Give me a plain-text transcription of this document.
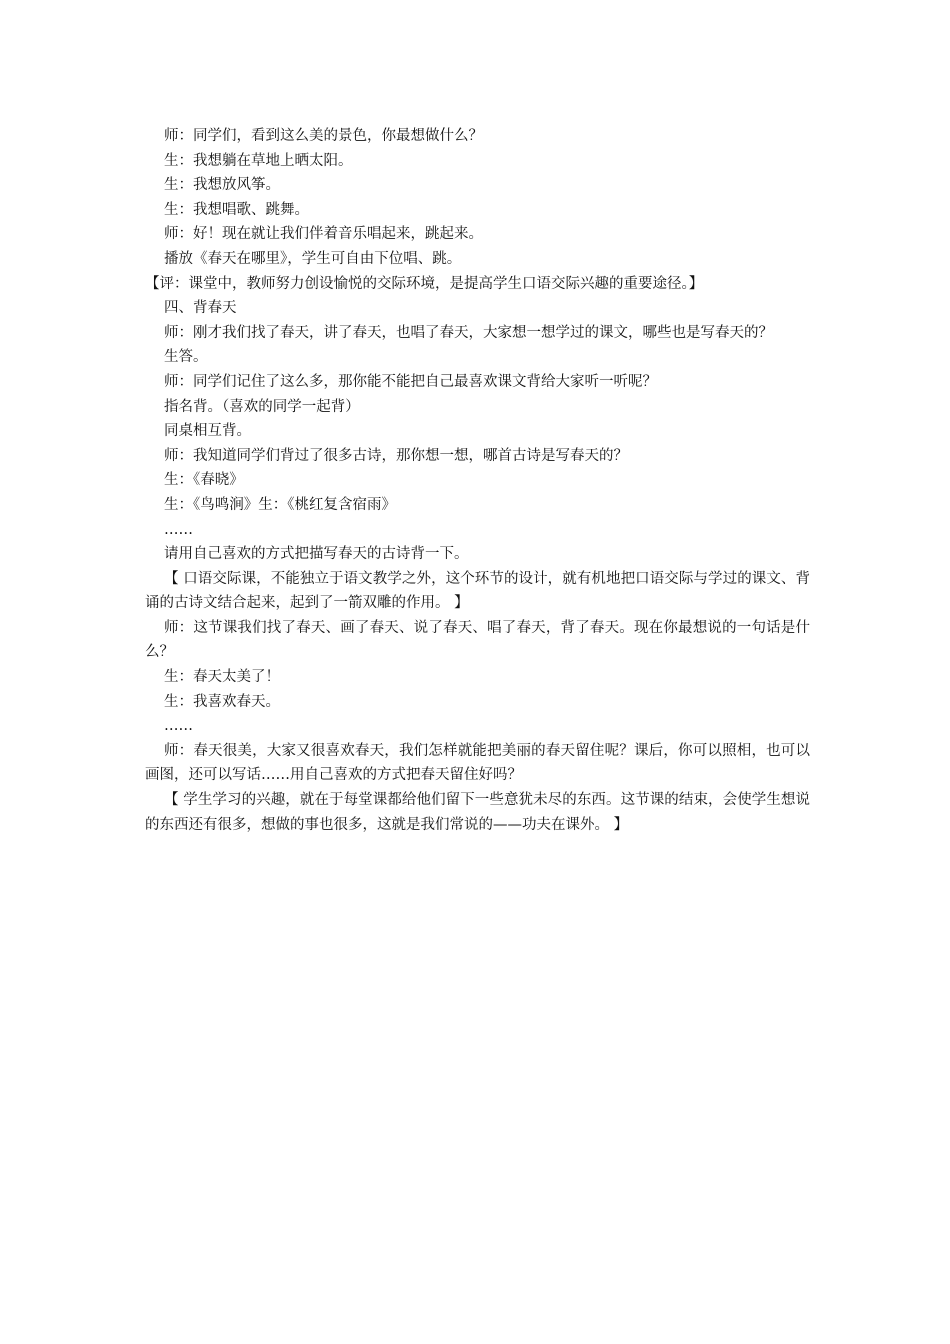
师：同学们，看到这么美的景色，你最想做什么？

生：我想躺在草地上晒太阳。

生：我想放风筝。

生：我想唱歌、跳舞。

师：好！现在就让我们伴着音乐唱起来，跳起来。

播放《春天在哪里》，学生可自由下位唱、跳。

【评：课堂中，教师努力创设愉悦的交际环境，是提高学生口语交际兴趣的重要途径。】

四、背春天

师：刚才我们找了春天，讲了春天，也唱了春天，大家想一想学过的课文，哪些也是写春天的？

生答。

师：同学们记住了这么多，那你能不能把自己最喜欢课文背给大家听一听呢？

指名背。（喜欢的同学一起背）

同桌相互背。

师：我知道同学们背过了很多古诗，那你想一想，哪首古诗是写春天的？

生：《春晓》

生：《鸟鸣涧》生：《桃红复含宿雨》

……

请用自己喜欢的方式把描写春天的古诗背一下。

【 口语交际课，不能独立于语文教学之外，这个环节的设计，就有机地把口语交际与学过的课文、背诵的古诗文结合起来，起到了一箭双雕的作用。 】

师：这节课我们找了春天、画了春天、说了春天、唱了春天，背了春天。现在你最想说的一句话是什么？

生：春天太美了！

生：我喜欢春天。

……

师：春天很美，大家又很喜欢春天，我们怎样就能把美丽的春天留住呢？课后，你可以照相，也可以画图，还可以写话……用自己喜欢的方式把春天留住好吗？

【 学生学习的兴趣，就在于每堂课都给他们留下一些意犹未尽的东西。这节课的结束，会使学生想说的东西还有很多，想做的事也很多，这就是我们常说的——功夫在课外。 】
